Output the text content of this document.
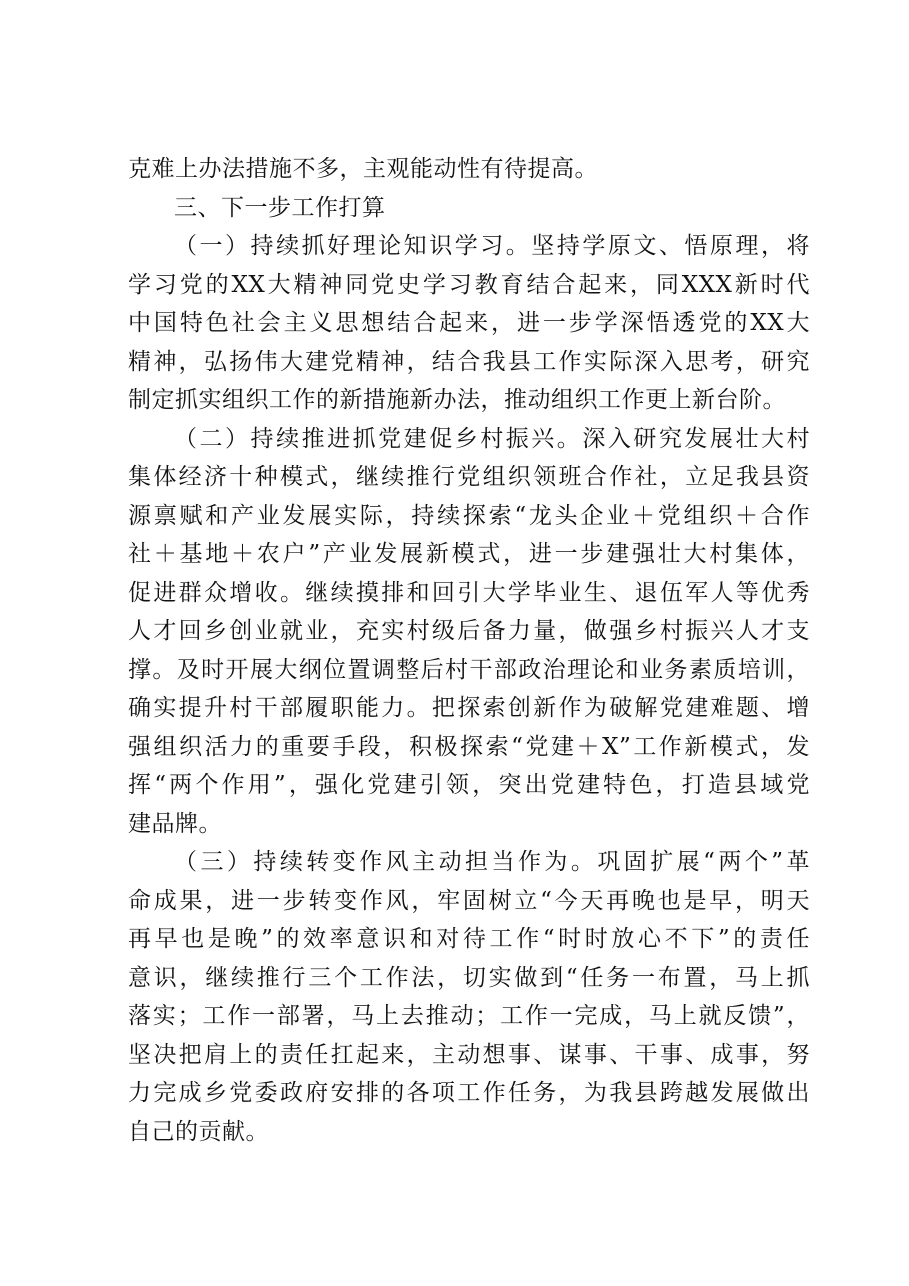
克难上办法措施不多，主观能动性有待提高。
三、下一步工作打算
（一）持续抓好理论知识学习。坚持学原文、悟原理，将
学习党的XX大精神同党史学习教育结合起来，同XXX新时代
中国特色社会主义思想结合起来，进一步学深悟透党的XX大
精神，弘扬伟大建党精神，结合我县工作实际深入思考，研究
制定抓实组织工作的新措施新办法，推动组织工作更上新台阶。
（二）持续推进抓党建促乡村振兴。深入研究发展壮大村
集体经济十种模式，继续推行党组织领班合作社，立足我县资
源禀赋和产业发展实际，持续探索“龙头企业＋党组织＋合作
社＋基地＋农户”产业发展新模式，进一步建强壮大村集体，
促进群众增收。继续摸排和回引大学毕业生、退伍军人等优秀
人才回乡创业就业，充实村级后备力量，做强乡村振兴人才支
撑。及时开展大纲位置调整后村干部政治理论和业务素质培训，
确实提升村干部履职能力。把探索创新作为破解党建难题、增
强组织活力的重要手段，积极探索“党建＋X”工作新模式，发
挥“两个作用”，强化党建引领，突出党建特色，打造县域党
建品牌。
（三）持续转变作风主动担当作为。巩固扩展“两个”革
命成果，进一步转变作风，牢固树立“今天再晚也是早，明天
再早也是晚”的效率意识和对待工作“时时放心不下”的责任
意识，继续推行三个工作法，切实做到“任务一布置，马上抓
落实；工作一部署，马上去推动；工作一完成，马上就反馈”，
坚决把肩上的责任扛起来，主动想事、谋事、干事、成事，努
力完成乡党委政府安排的各项工作任务，为我县跨越发展做出
自己的贡献。
